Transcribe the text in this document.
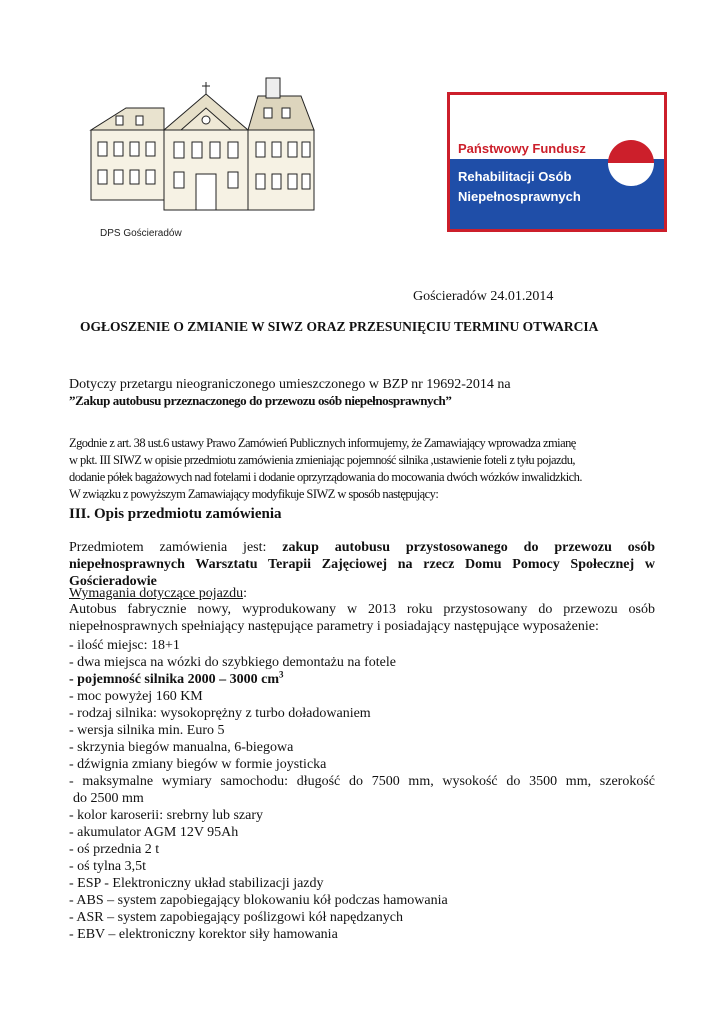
DPS Gościeradów
Państwowy Fundusz
Rehabilitacji Osób
Niepełnosprawnych
Gościeradów 24.01.2014
OGŁOSZENIE O ZMIANIE W SIWZ ORAZ PRZESUNIĘCIU TERMINU OTWARCIA
Dotyczy przetargu nieograniczonego umieszczonego w BZP nr 19692-2014 na
”Zakup autobusu przeznaczonego do przewozu osób niepełnosprawnych”
Zgodnie z art. 38 ust.6 ustawy Prawo Zamówień Publicznych informujemy, że Zamawiający wprowadza zmianę
w pkt. III SIWZ w opisie przedmiotu zamówienia zmieniając pojemność silnika ,ustawienie foteli z tyłu pojazdu,
dodanie półek bagażowych nad fotelami i dodanie oprzyrządowania do mocowania dwóch wózków inwalidzkich.
W związku z powyższym Zamawiający modyfikuje SIWZ w sposób następujący:
III. Opis przedmiotu zamówienia
Przedmiotem zamówienia jest: zakup autobusu przystosowanego do przewozu osób niepełnosprawnych Warsztatu Terapii Zajęciowej na rzecz Domu Pomocy Społecznej w Gościeradowie
Wymagania dotyczące pojazdu:
Autobus fabrycznie nowy, wyprodukowany w 2013 roku przystosowany do przewozu osób niepełnosprawnych spełniający następujące parametry i posiadający następujące wyposażenie:
- ilość miejsc: 18+1
- dwa miejsca na wózki do szybkiego demontażu na fotele
- pojemność silnika 2000 – 3000 $cm^3$
- moc powyżej 160 KM
- rodzaj silnika: wysokoprężny z turbo doładowaniem
- wersja silnika min. Euro 5
- skrzynia biegów manualna, 6-biegowa
- dźwignia zmiany biegów w formie joysticka
- maksymalne wymiary samochodu: długość do 7500 mm, wysokość do 3500 mm, szerokość
do 2500 mm
- kolor karoserii: srebrny lub szary
- akumulator AGM 12V 95Ah
- oś przednia 2 t
- oś tylna 3,5t
- ESP - Elektroniczny układ stabilizacji jazdy
- ABS – system zapobiegający blokowaniu kół podczas hamowania
- ASR – system zapobiegający poślizgowi kół napędzanych
- EBV – elektroniczny korektor siły hamowania
